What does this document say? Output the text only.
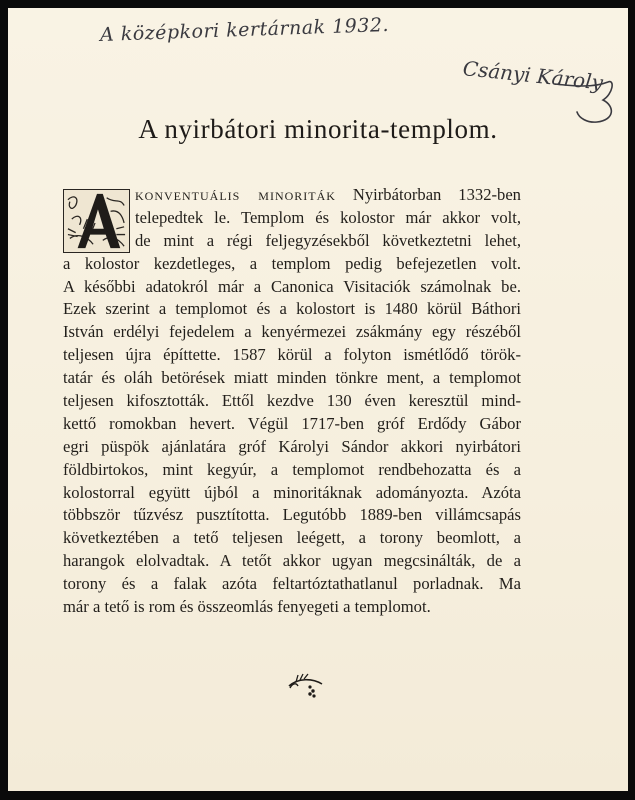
A középkori kertárnak 1932.
Csányi Károly
A nyirbátori minorita-templom.
konventuális minoriták Nyirbátorban 1332-ben
telepedtek le. Templom és kolostor már akkor volt,
de mint a régi feljegyzésekből következtetni lehet,
a kolostor kezdetleges, a templom pedig befejezetlen volt.
A későbbi adatokról már a Canonica Visitaciók számolnak be.
Ezek szerint a templomot és a kolostort is 1480 körül Báthori
István erdélyi fejedelem a kenyérmezei zsákmány egy részéből
teljesen újra építtette. 1587 körül a folyton ismétlődő török-
tatár és oláh betörések miatt minden tönkre ment, a templomot
teljesen kifosztották. Ettől kezdve 130 éven keresztül mind-
kettő romokban hevert. Végül 1717-ben gróf Erdődy Gábor
egri püspök ajánlatára gróf Károlyi Sándor akkori nyirbátori
földbirtokos, mint kegyúr, a templomot rendbehozatta és a
kolostorral együtt újból a minoritáknak adományozta. Azóta
többször tűzvész pusztította. Legutóbb 1889-ben villámcsapás
következtében a tető teljesen leégett, a torony beomlott, a
harangok elolvadtak. A tetőt akkor ugyan megcsinálták, de a
torony és a falak azóta feltartóztathatlanul porladnak. Ma
már a tető is rom és összeomlás fenyegeti a templomot.
